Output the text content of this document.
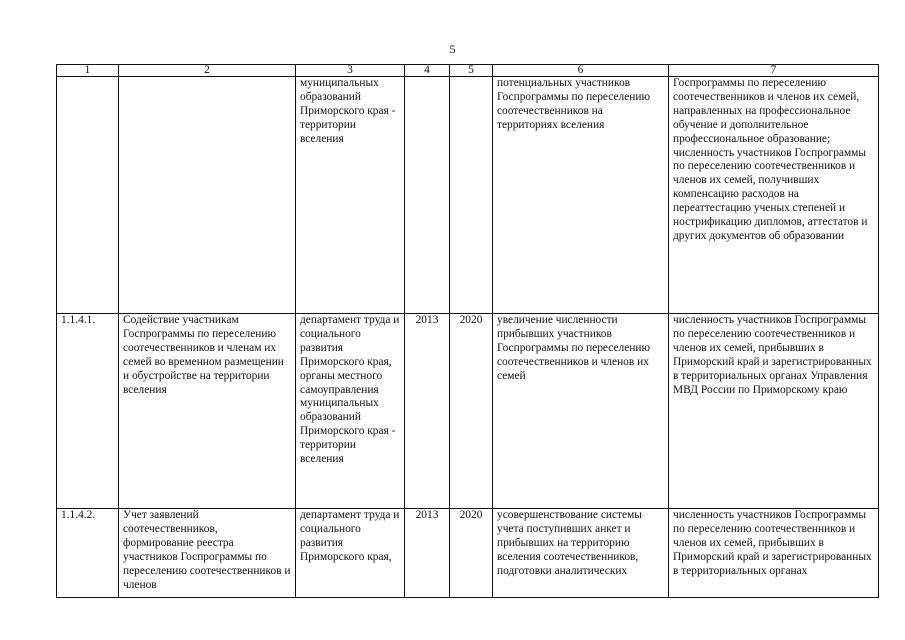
5
1	2	3	4	5	6	7
		муниципальных образований Приморского края - территории вселения			потенциальных участников Госпрограммы по переселению соотечественников на территориях вселения	Госпрограммы по переселению соотечественников и членов их семей, направленных на профессиональное обучение и дополнительное профессиональное образование; численность участников Госпрограммы по переселению соотечественников и членов их семей, получивших компенсацию расходов на переаттестацию ученых степеней и нострификацию дипломов, аттестатов и других документов об образовании
1.1.4.1.	Содействие участникам Госпрограммы по переселению соотечественников и членам их семей во временном размещении и обустройстве на территории вселения	департамент труда и социального развития Приморского края, органы местного самоуправления муниципальных образований Приморского края - территории вселения	2013	2020	увеличение численности прибывших участников Госпрограммы по переселению соотечественников и членов их семей	численность участников Госпрограммы по переселению соотечественников и членов их семей, прибывших в Приморский край и зарегистрированных в территориальных органах Управления МВД России по Приморскому краю

1.1.4.2.	Учет заявлений соотечественников, формирование реестра участников Госпрограммы по переселению соотечественников и членов	департамент труда и социального развития Приморского края,	2013	2020	усовершенствование системы учета поступивших анкет и прибывших на территорию вселения соотечественников, подготовки аналитических	численность участников Госпрограммы по переселению соотечественников и членов их семей, прибывших в Приморский край и зарегистрированных в территориальных органах
